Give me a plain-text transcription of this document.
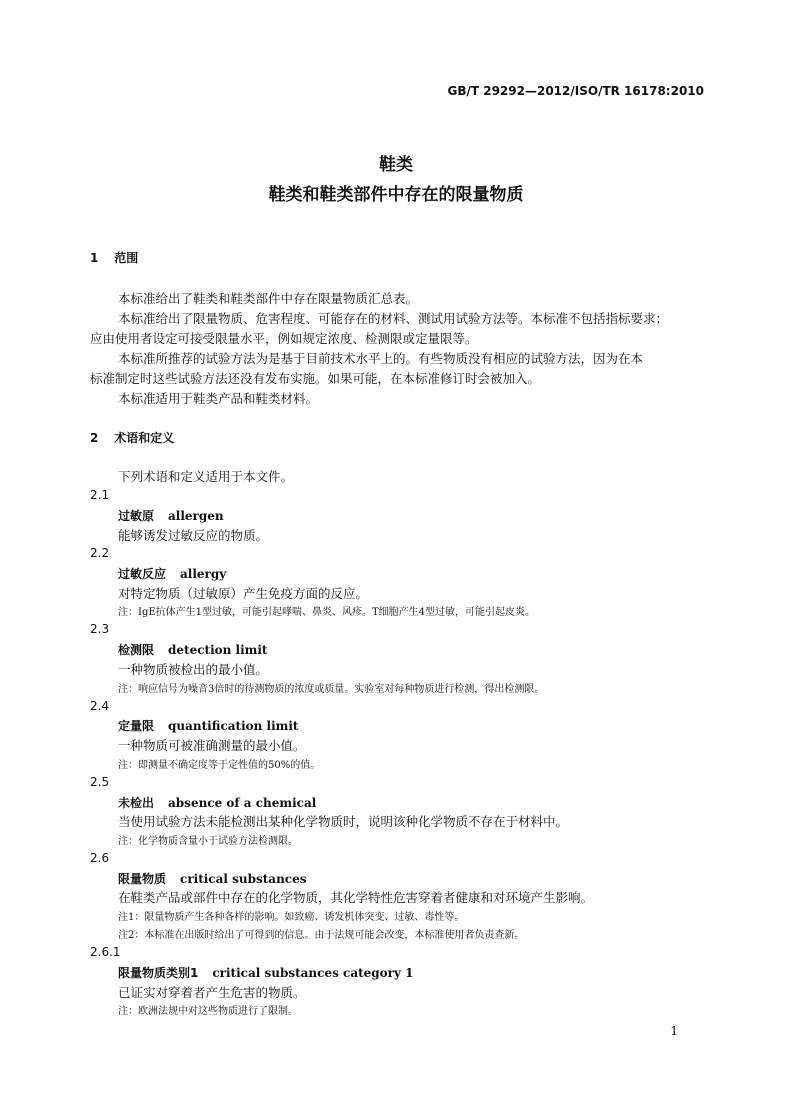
GB/T 29292—2012/ISO/TR 16178:2010
鞋类
鞋类和鞋类部件中存在的限量物质
1 范围
本标准给出了鞋类和鞋类部件中存在限量物质汇总表。
本标准给出了限量物质、危害程度、可能存在的材料、测试用试验方法等。本标准不包括指标要求；
应由使用者设定可接受限量水平，例如规定浓度、检测限或定量限等。
本标准所推荐的试验方法为是基于目前技术水平上的。有些物质没有相应的试验方法，因为在本
标准制定时这些试验方法还没有发布实施。如果可能，在本标准修订时会被加入。
本标准适用于鞋类产品和鞋类材料。
2 术语和定义
下列术语和定义适用于本文件。
2.1
过敏原 allergen
能够诱发过敏反应的物质。
2.2
过敏反应 allergy
对特定物质（过敏原）产生免疫方面的反应。
注：IgE抗体产生1型过敏，可能引起哮喘、鼻炎、风疹。T细胞产生4型过敏，可能引起皮炎。
2.3
检测限 detection limit
一种物质被检出的最小值。
注：响应信号为噪音3倍时的待测物质的浓度或质量。实验室对每种物质进行检测，得出检测限。
2.4
定量限 quantification limit
一种物质可被准确测量的最小值。
注：即测量不确定度等于定性值的50%的值。
2.5
未检出 absence of a chemical
当使用试验方法未能检测出某种化学物质时，说明该种化学物质不存在于材料中。
注：化学物质含量小于试验方法检测限。
2.6
限量物质 critical substances
在鞋类产品或部件中存在的化学物质，其化学特性危害穿着者健康和对环境产生影响。
注1：限量物质产生各种各样的影响。如致癌、诱发机体突变、过敏、毒性等。
注2：本标准在出版时给出了可得到的信息。由于法规可能会改变，本标准使用者负责查新。
2.6.1
限量物质类别1 critical substances category 1
已证实对穿着者产生危害的物质。
注：欧洲法规中对这些物质进行了限制。
1
